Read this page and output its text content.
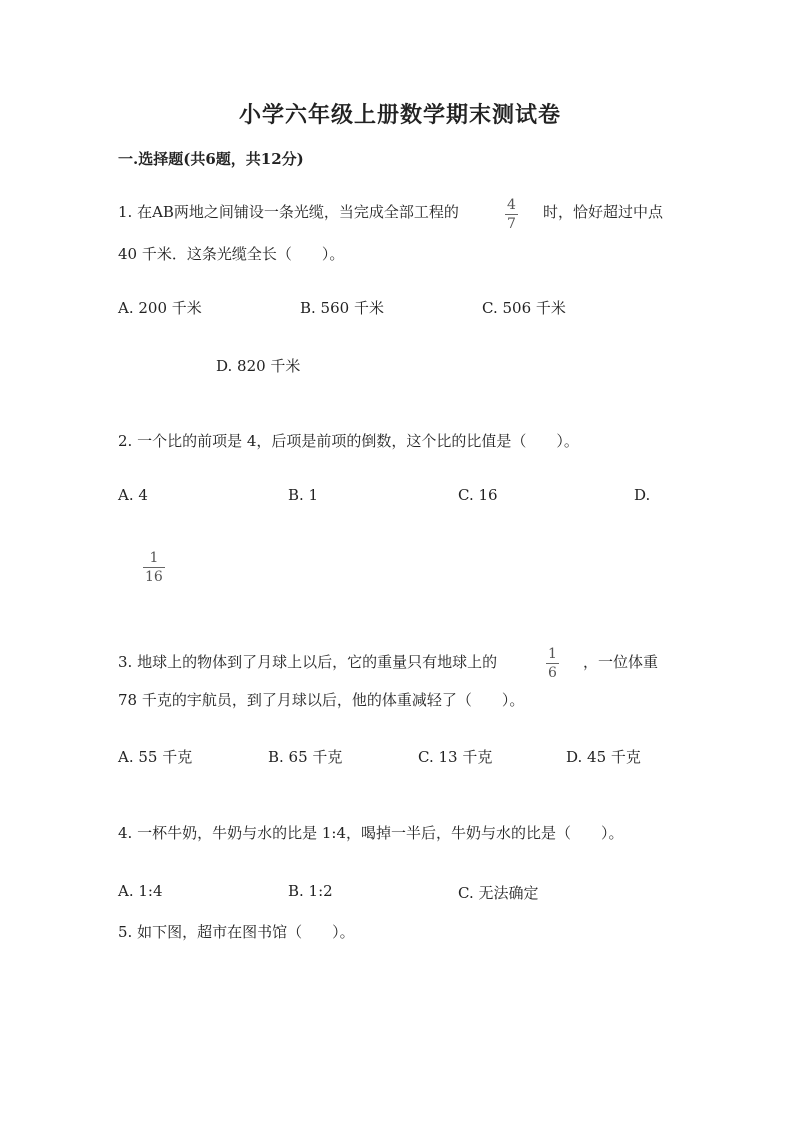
小学六年级上册数学期末测试卷
一.选择题(共6题，共12分)
1. 在AB两地之间铺设一条光缆，当完成全部工程的	4
7
时，恰好超过中点
40 千米．这条光缆全长（　　）。
A. 200 千米	B. 560 千米	C. 506 千米
D. 820 千米
2. 一个比的前项是 4，后项是前项的倒数，这个比的比值是（　　）。
A. 4	B. 1	C. 16	D.
1
16
3. 地球上的物体到了月球上以后，它的重量只有地球上的	1
6
，一位体重
78 千克的宇航员，到了月球以后，他的体重减轻了（　　）。
A. 55 千克	B. 65 千克	C. 13 千克	D. 45 千克
4. 一杯牛奶，牛奶与水的比是 1:4，喝掉一半后，牛奶与水的比是（　　）。
A. 1:4	B. 1:2	C. 无法确定
5. 如下图，超市在图书馆（　　）。
